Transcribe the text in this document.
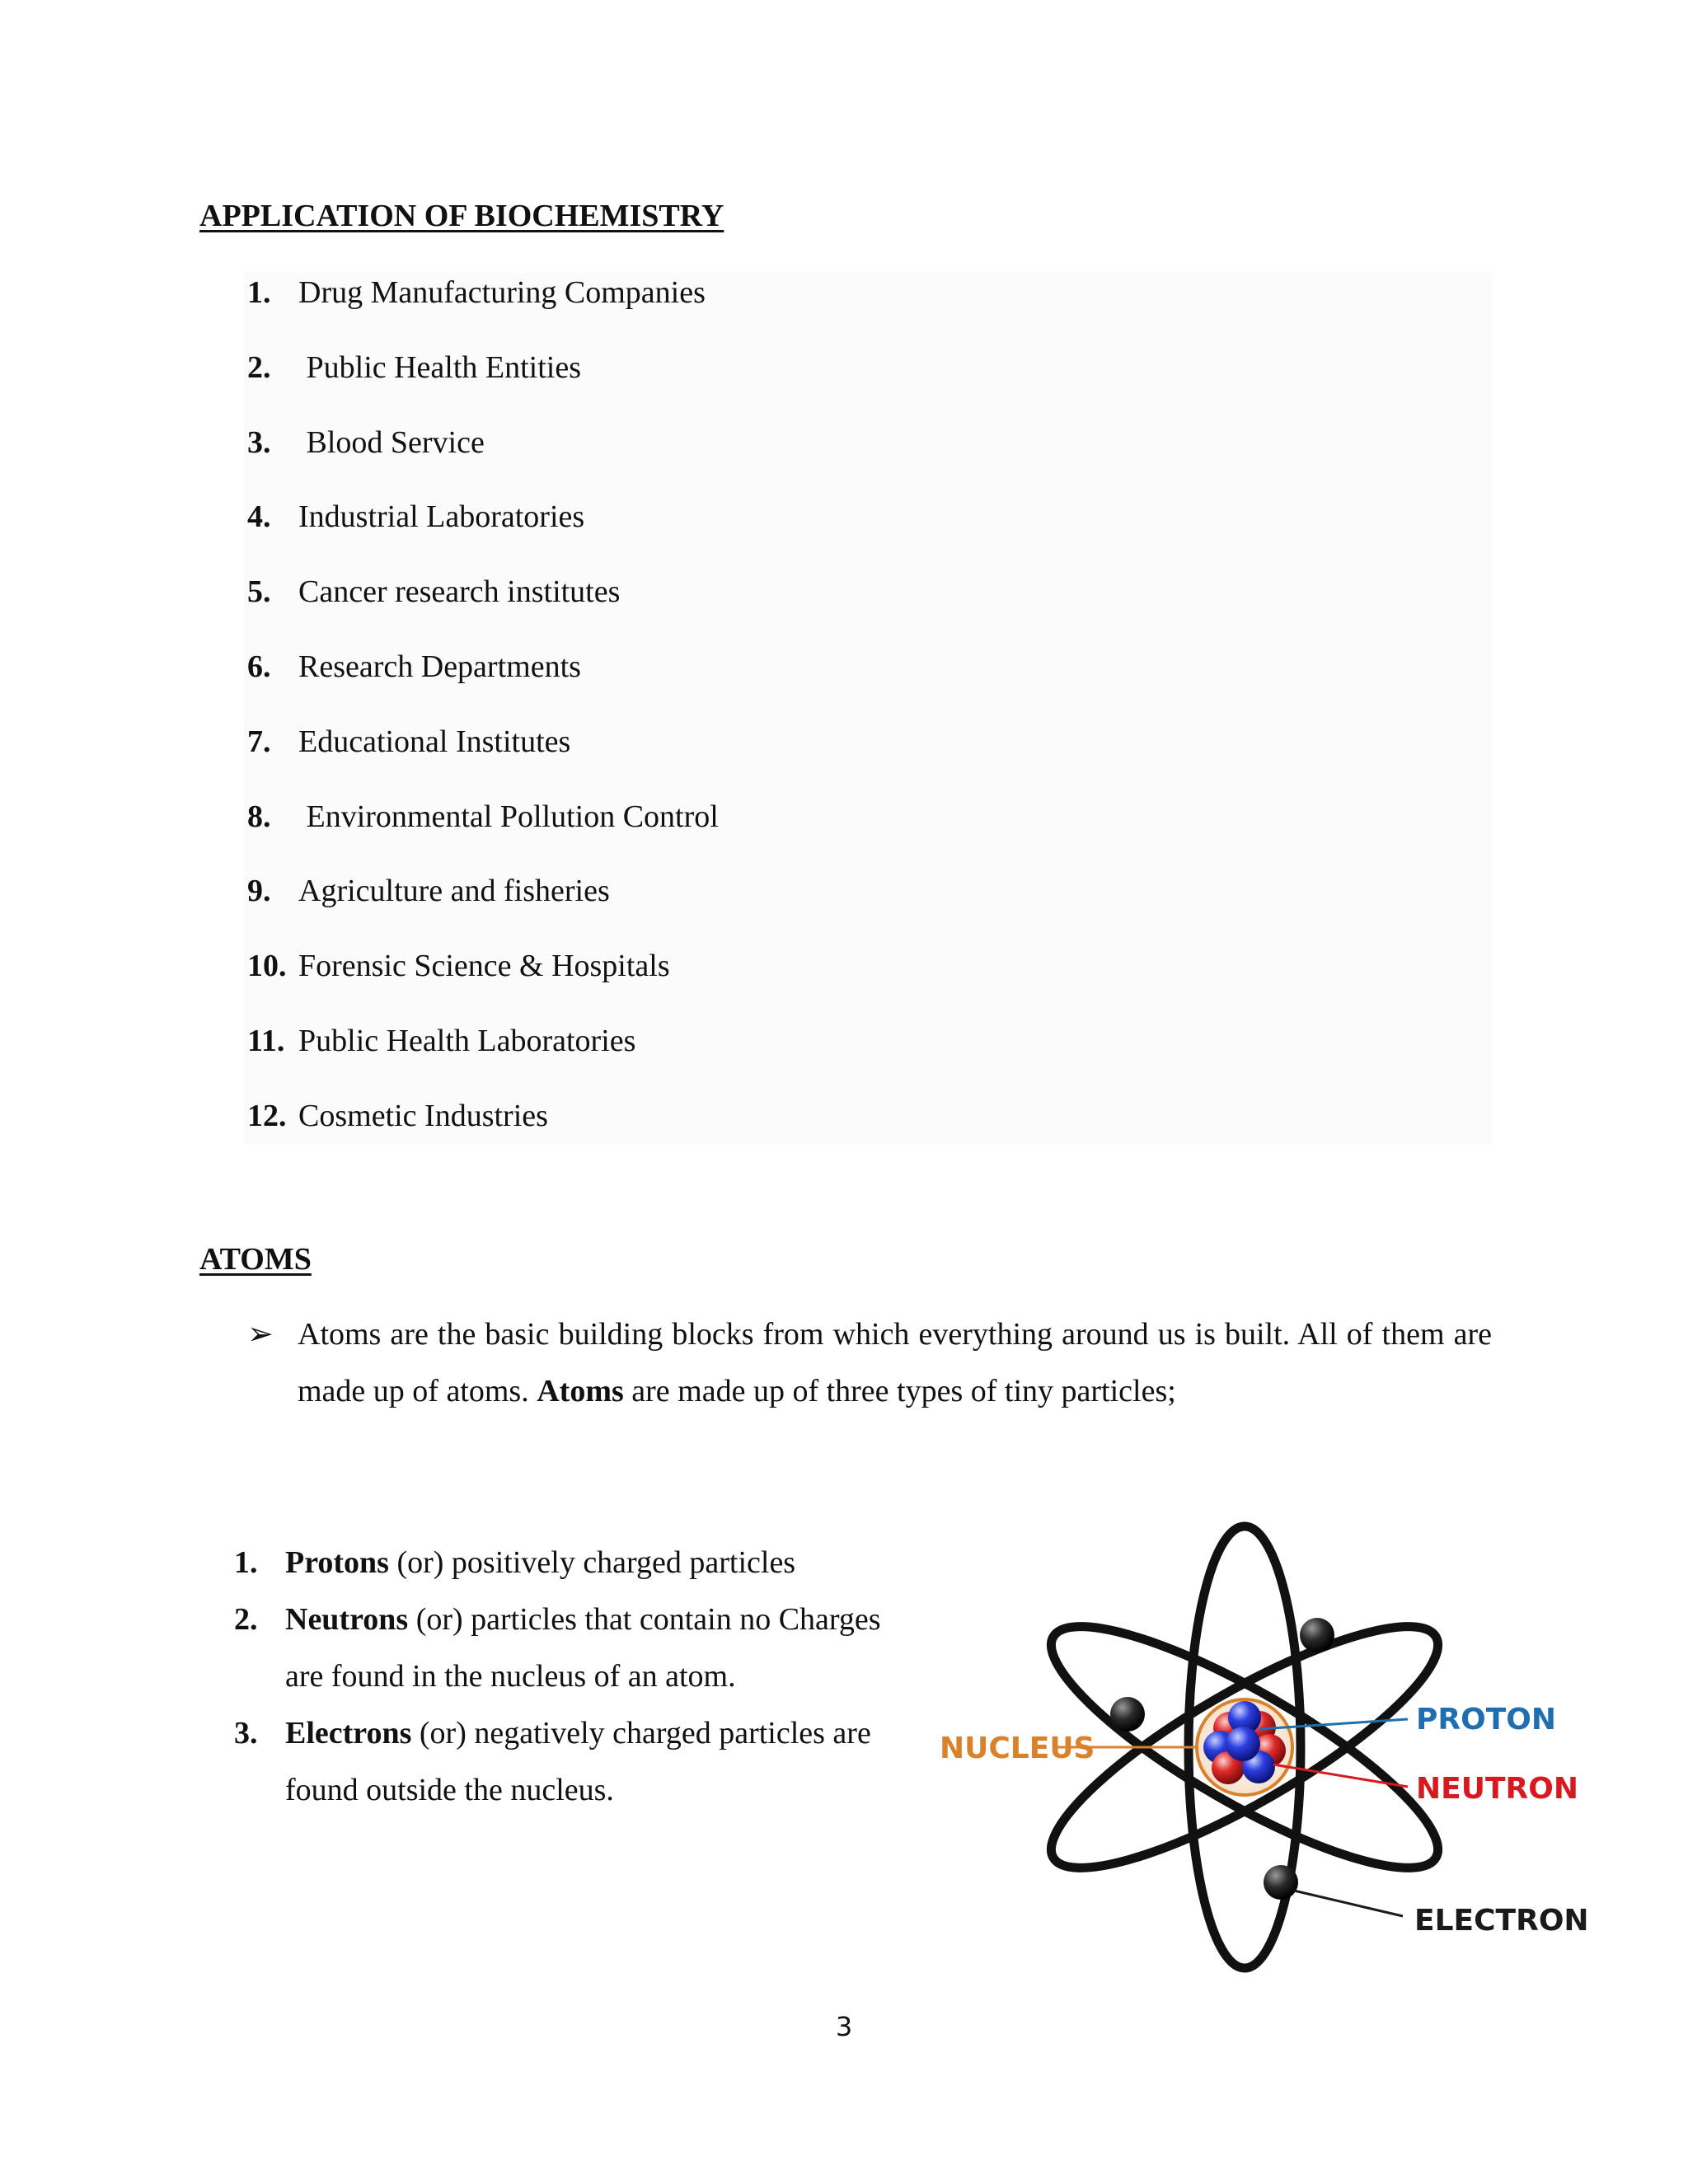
APPLICATION OF BIOCHEMISTRY
1. Drug Manufacturing Companies
2. Public Health Entities
3. Blood Service
4. Industrial Laboratories
5. Cancer research institutes
6. Research Departments
7. Educational Institutes
8. Environmental Pollution Control
9. Agriculture and fisheries
10. Forensic Science & Hospitals
11. Public Health Laboratories
12. Cosmetic Industries
ATOMS

➢ Atoms are the basic building blocks from which everything around us is built. All of them are made up of atoms. Atoms are made up of three types of tiny particles;

1. Protons (or) positively charged particles
2. Neutrons (or) particles that contain no Charges are found in the nucleus of an atom.
3. Electrons (or) negatively charged particles are found outside the nucleus.
NUCLEUS
PROTON
NEUTRON
ELECTRON

3
